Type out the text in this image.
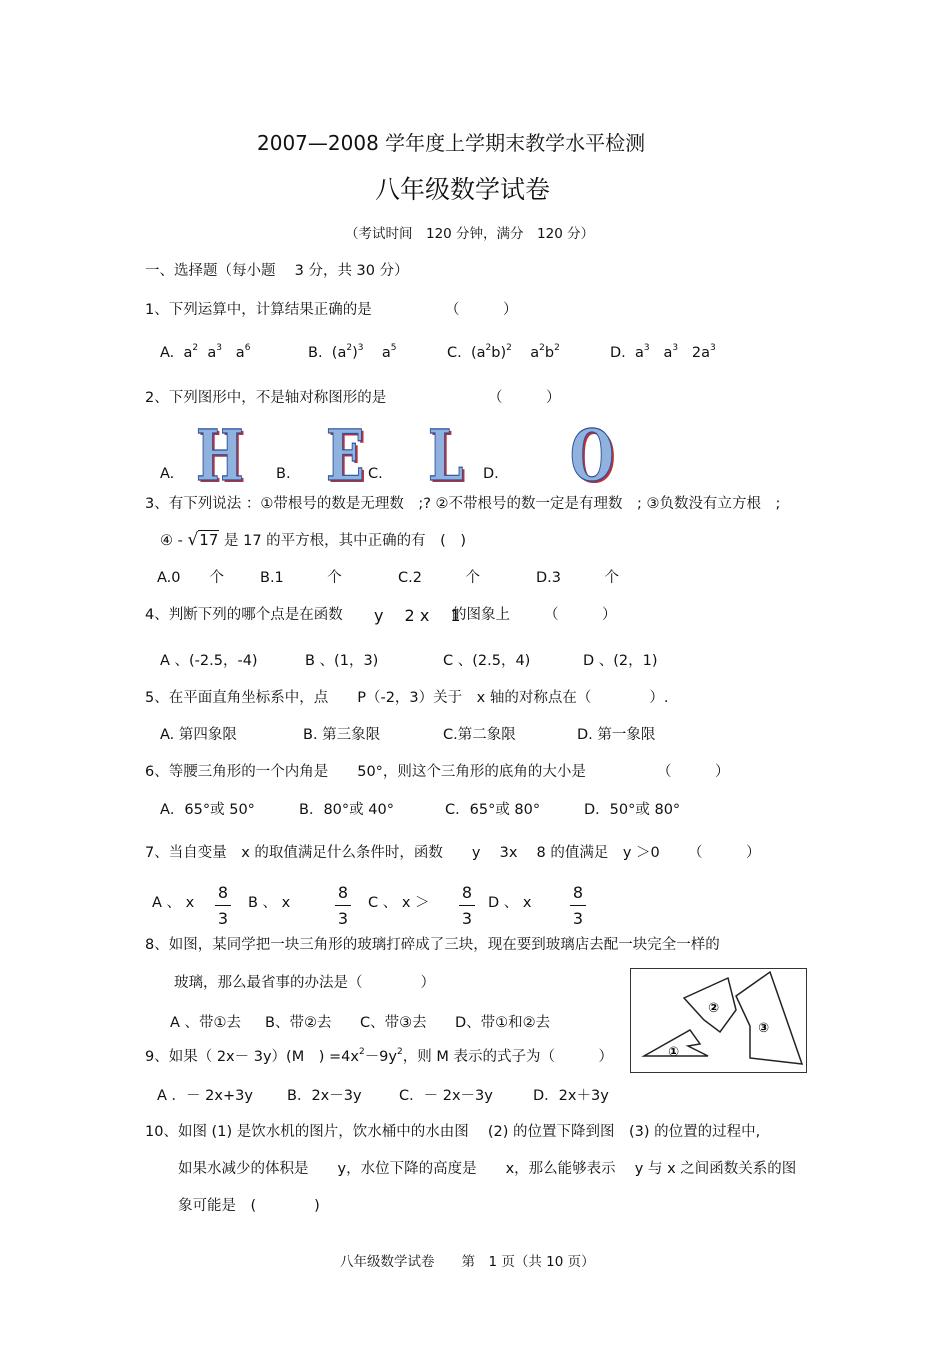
2007—2008 学年度上学期末教学水平检测
八年级数学试卷
（考试时间　120 分钟，满分　120 分）
一、选择题（每小题　 3 分，共 30 分）
1、下列运算中，计算结果正确的是	（　　　）
A. $a^2$ $a^3$ $a^6$	B. $(a^2)^3$ $a^5$	C. $(a^2b)^2$ $a^2b^2$	D. $a^3$ $a^3$ $2a^3$
2、下列图形中，不是轴对称图形的是	（　　　）
A.	B.	C.	D.
H E L O
3、有下列说法 ：①带根号的数是无理数　;? ②不带根号的数一定是有理数　; ③负数没有立方根　;
④ - √17 是 17 的平方根，其中正确的有　(　)
A.0　　个 B.1　　　个	C.2　　　个	D.3　　　个
4、判断下列的哪个点是在函数 y　 2 x　 1
的图象上 （　　　）
A 、(-2.5，-4)	B 、(1，3)	C 、(2.5，4)	D 、(2，1)
5、在平面直角坐标系中，点　　P（-2，3）关于　x 轴的对称点在（　　　　）.
A. 第四象限	B. 第三象限	C.第二象限	D. 第一象限
6、等腰三角形的一个内角是　　50°，则这个三角形的底角的大小是	（　　　）
A．65°或 50°	B．80°或 40°	C．65°或 80°	D．50°或 80°
7、当自变量　x 的取值满足什么条件时，函数　　y　 3x　 8 的值满足　y ＞0 （　　　）
A 、 x
8
3
B 、 x
8
3
C 、 x ＞
8
3
D 、 x
8
3
8、如图，某同学把一块三角形的玻璃打碎成了三块，现在要到玻璃店去配一块完全一样的
玻璃，那么最省事的办法是（　　　　）
A 、带①去 B、带②去 C、带③去 D、带①和②去
①
②
③
9、如果（ 2x－ 3y）(M　) $=4x^2-9y^2$，则 M 表示的式子为（　　　）
A ．－ 2x+3y B．2x－3y	C．－ 2x－3y	D．2x＋3y
10、如图 (1) 是饮水机的图片，饮水桶中的水由图　 (2) 的位置下降到图　(3) 的位置的过程中,
如果水减少的体积是　　y，水位下降的高度是　　x，那么能够表示　 y 与 x 之间函数关系的图
象可能是　(　　　　)
八年级数学试卷　　第　1 页（共 10 页）
